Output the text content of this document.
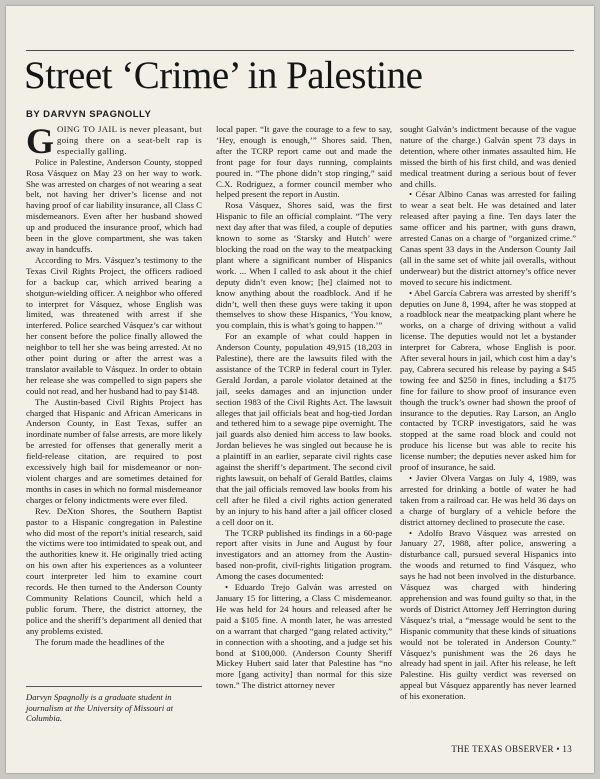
Street ‘Crime’ in Palestine
BY DARVYN SPAGNOLLY

GOING TO JAIL is never pleasant, but going there on a seat-belt rap is especially galling.

Police in Palestine, Anderson County, stopped Rosa Vásquez on May 23 on her way to work. She was arrested on charges of not wearing a seat belt, not having her driver’s license and not having proof of car liability insurance, all Class C misdemeanors. Even after her husband showed up and produced the insurance proof, which had been in the glove compartment, she was taken away in handcuffs.

According to Mrs. Vásquez’s testimony to the Texas Civil Rights Project, the officers radioed for a backup car, which arrived bearing a shotgun-wielding officer. A neighbor who offered to interpret for Vásquez, whose English was limited, was threatened with arrest if she interfered. Police searched Vásquez’s car without her consent before the police finally allowed the neighbor to tell her she was being arrested. At no other point during or after the arrest was a translator available to Vásquez. In order to obtain her release she was compelled to sign papers she could not read, and her husband had to pay $148.

The Austin-based Civil Rights Project has charged that Hispanic and African Americans in Anderson County, in East Texas, suffer an inordinate number of false arrests, are more likely be arrested for offenses that generally merit a field-release citation, are required to post excessively high bail for misdemeanor or non-violent charges and are sometimes detained for months in cases in which no formal misdemeanor charges or felony indictments were ever filed.

Rev. DeXton Shores, the Southern Baptist pastor to a Hispanic congregation in Palestine who did most of the report’s initial research, said the victims were too intimidated to speak out, and the authorities knew it. He originally tried acting on his own after his experiences as a volunteer court interpreter led him to examine court records. He then turned to the Anderson County Community Relations Council, which held a public forum. There, the district attorney, the police and the sheriff’s department all denied that any problems existed.

The forum made the headlines of the

Darvyn Spagnolly is a graduate student in journalism at the University of Missouri at Columbia.

local paper. “It gave the courage to a few to say, ‘Hey, enough is enough,’” Shores said. Then, after the TCRP report came out and made the front page for four days running, complaints poured in. “The phone didn’t stop ringing,” said C.X. Rodriguez, a former council member who helped present the report in Austin.

Rosa Vásquez, Shores said, was the first Hispanic to file an official complaint. “The very next day after that was filed, a couple of deputies known to some as ‘Starsky and Hutch’ were blocking the road on the way to the meatpacking plant where a significant number of Hispanics work. ... When I called to ask about it the chief deputy didn’t even know; [he] claimed not to know anything about the roadblock. And if he didn’t, well then these guys were taking it upon themselves to show these Hispanics, ‘You know, you complain, this is what’s going to happen.’”

For an example of what could happen in Anderson County, population 49,915 (18,203 in Palestine), there are the lawsuits filed with the assistance of the TCRP in federal court in Tyler. Gerald Jordan, a parole violator detained at the jail, seeks damages and an injunction under section 1983 of the Civil Rights Act. The lawsuit alleges that jail officials beat and hog-tied Jordan and tethered him to a sewage pipe overnight. The jail guards also denied him access to law books. Jordan believes he was singled out because he is a plaintiff in an earlier, separate civil rights case against the sheriff’s department. The second civil rights lawsuit, on behalf of Gerald Battles, claims that the jail officials removed law books from his cell after he filed a civil rights action generated by an injury to his hand after a jail officer closed a cell door on it.

The TCRP published its findings in a 60-page report after visits in June and August by four investigators and an attorney from the Austin-based non-profit, civil-rights litigation program. Among the cases documented:

• Eduardo Trejo Galván was arrested on January 15 for littering, a Class C misdemeanor. He was held for 24 hours and released after he paid a $105 fine. A month later, he was arrested on a warrant that charged “gang related activity,” in connection with a shooting, and a judge set his bond at $100,000. (Anderson County Sheriff Mickey Hubert said later that Palestine has “no more [gang activity] than normal for this size town.” The district attorney never

sought Galván’s indictment because of the vague nature of the charge.) Galván spent 73 days in detention, where other inmates assaulted him. He missed the birth of his first child, and was denied medical treatment during a serious bout of fever and chills.

• César Albino Canas was arrested for failing to wear a seat belt. He was detained and later released after paying a fine. Ten days later the same officer and his partner, with guns drawn, arrested Canas on a charge of “organized crime.” Canas spent 33 days in the Anderson County Jail (all in the same set of white jail overalls, without underwear) but the district attorney’s office never moved to secure his indictment.

• Abel García Cabrera was arrested by sheriff’s deputies on June 8, 1994, after he was stopped at a roadblock near the meatpacking plant where he works, on a charge of driving without a valid license. The deputies would not let a bystander interpret for Cabrera, whose English is poor. After several hours in jail, which cost him a day’s pay, Cabrera secured his release by paying a $45 towing fee and $250 in fines, including a $175 fine for failure to show proof of insurance even though the truck’s owner had shown the proof of insurance to the deputies. Ray Larson, an Anglo contacted by TCRP investigators, said he was stopped at the same road block and could not produce his license but was able to recite his license number; the deputies never asked him for proof of insurance, he said.

• Javier Olvera Vargas on July 4, 1989, was arrested for drinking a bottle of water he had taken from a railroad car. He was held 36 days on a charge of burglary of a vehicle before the district attorney declined to prosecute the case.

• Adolfo Bravo Vásquez was arrested on January 27, 1988, after police, answering a disturbance call, pursued several Hispanics into the woods and returned to find Vásquez, who says he had not been involved in the disturbance. Vásquez was charged with hindering apprehension and was found guilty so that, in the words of District Attorney Jeff Herrington during Vásquez’s trial, a “message would be sent to the Hispanic community that these kinds of situations would not be tolerated in Anderson County.” Vásquez’s punishment was the 26 days he already had spent in jail. After his release, he left Palestine. His guilty verdict was reversed on appeal but Vásquez apparently has never learned of his exoneration.

THE TEXAS OBSERVER • 13
